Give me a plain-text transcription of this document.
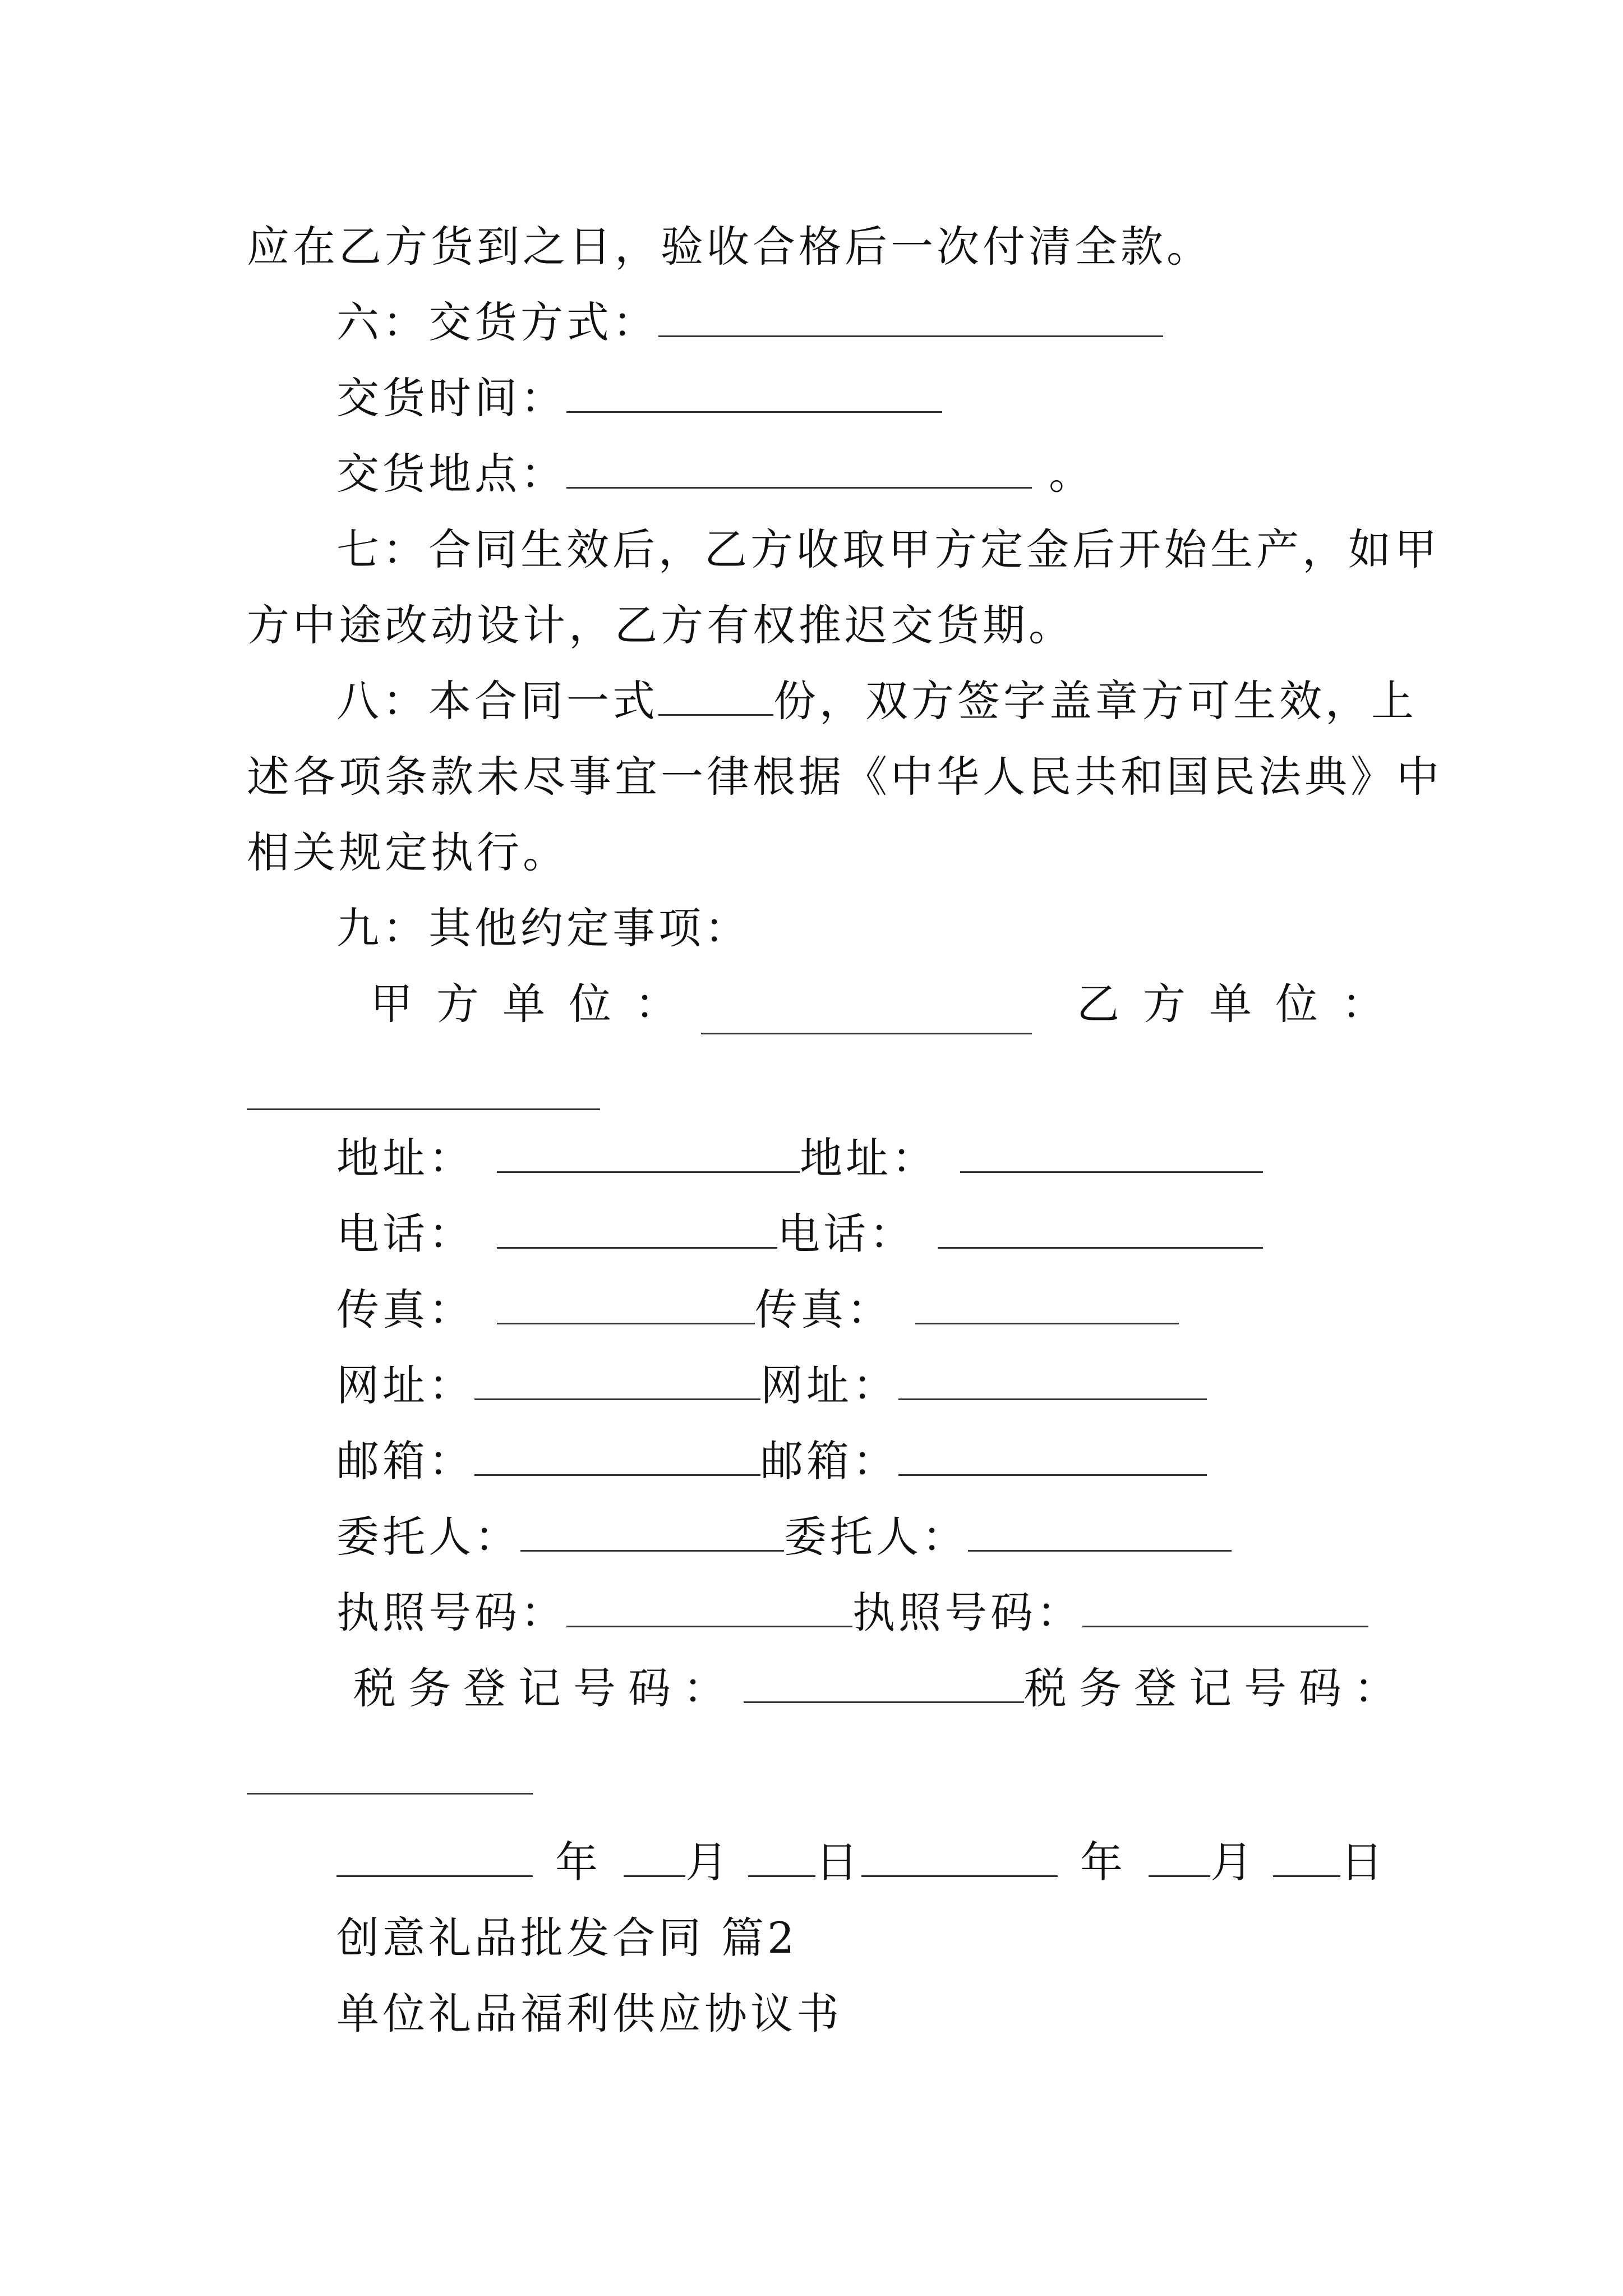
应在乙方货到之日，验收合格后一次付清全款。

六：交货方式：

交货时间：

交货地点：	。

七：合同生效后，乙方收取甲方定金后开始生产，如甲

方中途改动设计，乙方有权推迟交货期。

八：本合同一式	份，双方签字盖章方可生效，上

述各项条款未尽事宜一律根据《中华人民共和国民法典》中

相关规定执行。

九：其他约定事项：

甲方单位：	乙方单位：

地址：	地址：

电话：	电话：

传真：	传真：

网址：	网址：

邮箱：	邮箱：

委托人：	委托人：

执照号码：	执照号码：

税务登记号码：	税务登记号码：

年 月 日	年 月 日

创意礼品批发合同 篇2

单位礼品福利供应协议书
